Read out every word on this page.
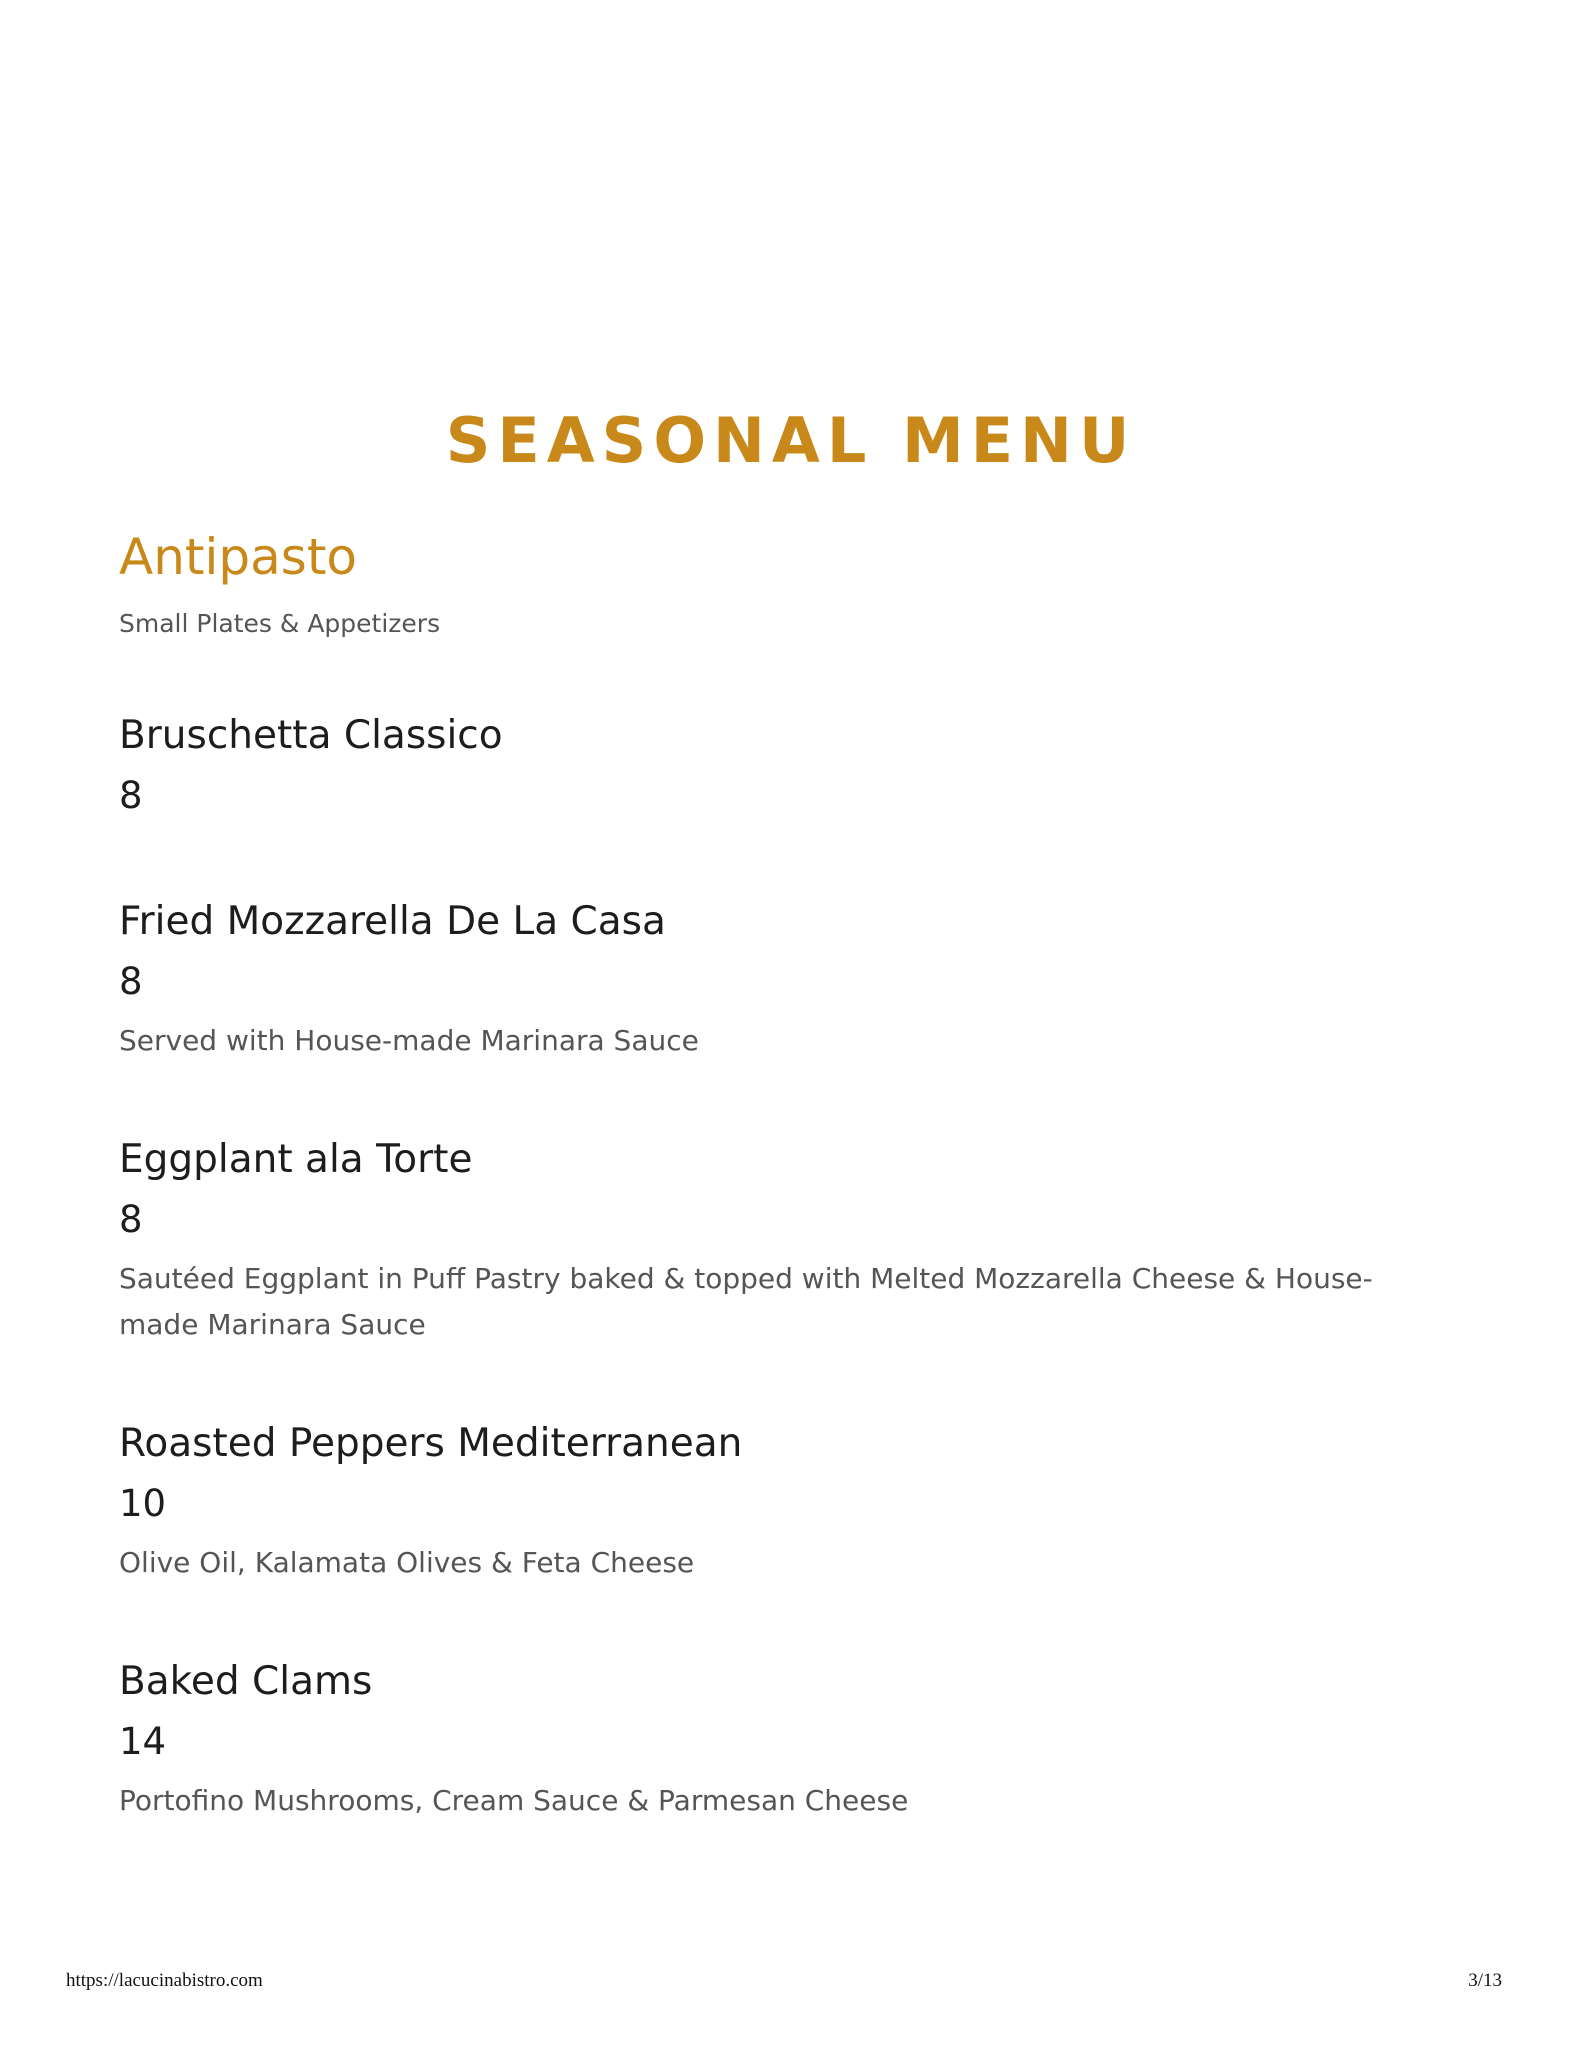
SEASONAL MENU
Antipasto

Small Plates & Appetizers

Bruschetta Classico
8
Fried Mozzarella De La Casa
8

Served with House-made Marinara Sauce

Eggplant ala Torte
8

Sautéed Eggplant in Puff Pastry baked & topped with Melted Mozzarella Cheese & House-made Marinara Sauce

Roasted Peppers Mediterranean
10

Olive Oil, Kalamata Olives & Feta Cheese

Baked Clams
14

Portofino Mushrooms, Cream Sauce & Parmesan Cheese

https://lacucinabistro.com	3/13
